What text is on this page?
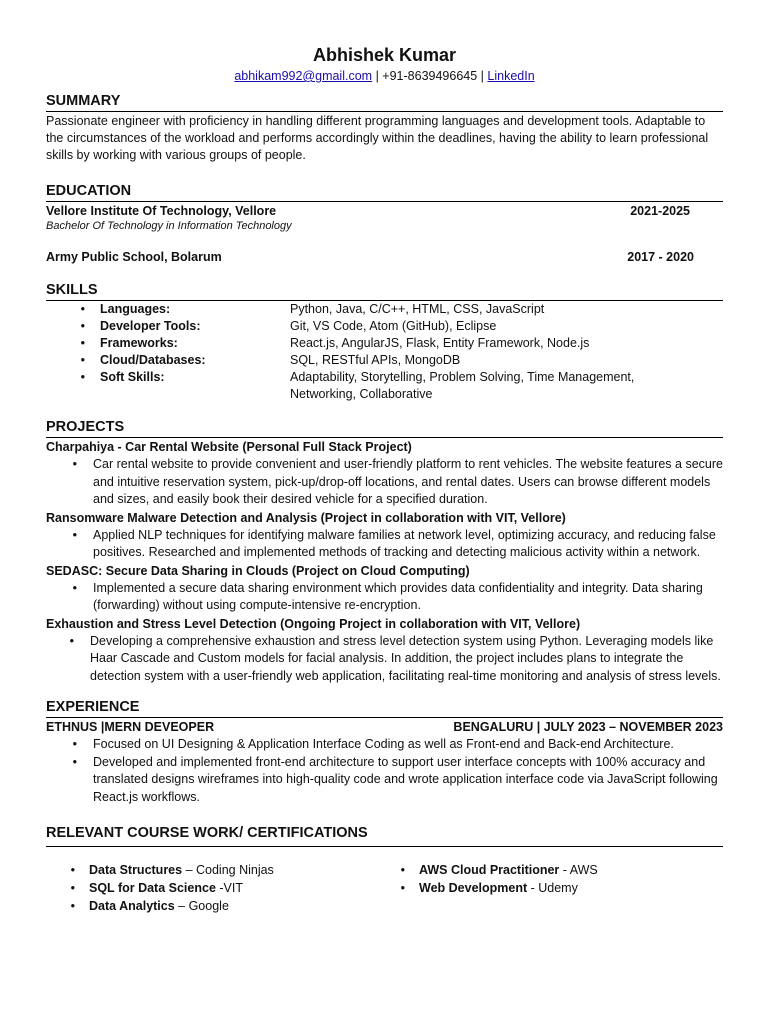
Abhishek Kumar
abhikam992@gmail.com | +91-8639496645 | LinkedIn
SUMMARY
Passionate engineer with proficiency in handling different programming languages and development tools. Adaptable to the circumstances of the workload and performs accordingly within the deadlines, having the ability to learn professional skills by working with various groups of people.
EDUCATION
Vellore Institute Of Technology, Vellore	2021-2025
Bachelor Of Technology in Information Technology
Army Public School, Bolarum	2017 - 2020
SKILLS
•	Languages:	Python, Java, C/C++, HTML, CSS, JavaScript
•	Developer Tools:	Git, VS Code, Atom (GitHub), Eclipse
•	Frameworks:	React.js, AngularJS, Flask, Entity Framework, Node.js
•	Cloud/Databases:	SQL, RESTful APIs, MongoDB
•	Soft Skills:	Adaptability, Storytelling, Problem Solving, Time Management, Networking, Collaborative
PROJECTS
Charpahiya - Car Rental Website (Personal Full Stack Project)
•	Car rental website to provide convenient and user-friendly platform to rent vehicles. The website features a secure and intuitive reservation system, pick-up/drop-off locations, and rental dates. Users can browse different models and sizes, and easily book their desired vehicle for a specified duration.
Ransomware Malware Detection and Analysis (Project in collaboration with VIT, Vellore)
•	Applied NLP techniques for identifying malware families at network level, optimizing accuracy, and reducing false positives. Researched and implemented methods of tracking and detecting malicious activity within a network.
SEDASC: Secure Data Sharing in Clouds (Project on Cloud Computing)
•	Implemented a secure data sharing environment which provides data confidentiality and integrity. Data sharing (forwarding) without using compute-intensive re-encryption.
Exhaustion and Stress Level Detection (Ongoing Project in collaboration with VIT, Vellore)
•	Developing a comprehensive exhaustion and stress level detection system using Python. Leveraging models like Haar Cascade and Custom models for facial analysis. In addition, the project includes plans to integrate the detection system with a user-friendly web application, facilitating real-time monitoring and analysis of stress levels.
EXPERIENCE
ETHNUS |MERN DEVEOPER	BENGALURU | JULY 2023 – NOVEMBER 2023
•	Focused on UI Designing & Application Interface Coding as well as Front-end and Back-end Architecture.
•	Developed and implemented front-end architecture to support user interface concepts with 100% accuracy and translated designs wireframes into high-quality code and wrote application interface code via JavaScript following React.js workflows.
RELEVANT COURSE WORK/ CERTIFICATIONS
•	Data Structures – Coding Ninjas
•	SQL for Data Science -VIT
•	Data Analytics – Google
•	AWS Cloud Practitioner - AWS
•	Web Development - Udemy
